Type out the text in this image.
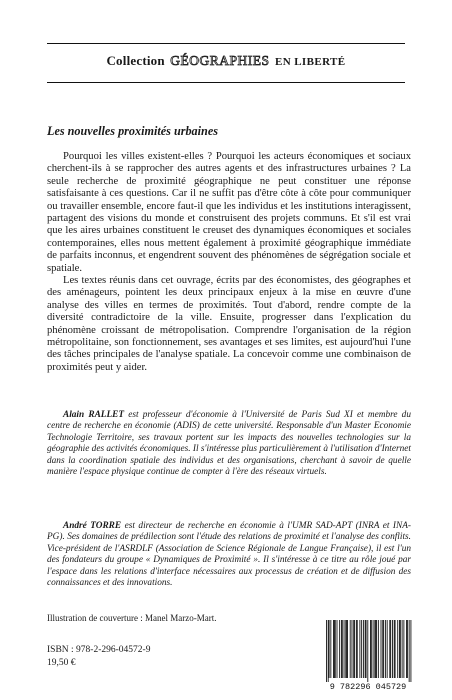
Collection GÉOGRAPHIES EN LIBERTÉ
Les nouvelles proximités urbaines

Pourquoi les villes existent-elles ? Pourquoi les acteurs économiques et sociaux cherchent-ils à se rapprocher des autres agents et des infrastructures urbaines ? La seule recherche de proximité géographique ne peut constituer une réponse satisfaisante à ces questions. Car il ne suffit pas d'être côte à côte pour communiquer ou travailler ensemble, encore faut-il que les individus et les institutions interagissent, partagent des visions du monde et construisent des projets communs. Et s'il est vrai que les aires urbaines constituent le creuset des dynamiques économiques et sociales contemporaines, elles nous mettent également à proximité géographique immédiate de parfaits inconnus, et engendrent souvent des phénomènes de ségrégation sociale et spatiale.

Les textes réunis dans cet ouvrage, écrits par des économistes, des géographes et des aménageurs, pointent les deux principaux enjeux à la mise en œuvre d'une analyse des villes en termes de proximités. Tout d'abord, rendre compte de la diversité contradictoire de la ville. Ensuite, progresser dans l'explication du phénomène croissant de métropolisation. Comprendre l'organisation de la région métropolitaine, son fonctionnement, ses avantages et ses limites, est aujourd'hui l'une des tâches principales de l'analyse spatiale. La concevoir comme une combinaison de proximités peut y aider.

Alain RALLET est professeur d'économie à l'Université de Paris Sud XI et membre du centre de recherche en économie (ADIS) de cette université. Responsable d'un Master Economie Technologie Territoire, ses travaux portent sur les impacts des nouvelles technologies sur la géographie des activités économiques. Il s'intéresse plus particulièrement à l'utilisation d'Internet dans la coordination spatiale des individus et des organisations, cherchant à savoir de quelle manière l'espace physique continue de compter à l'ère des réseaux virtuels.

André TORRE est directeur de recherche en économie à l'UMR SAD-APT (INRA et INA-PG). Ses domaines de prédilection sont l'étude des relations de proximité et l'analyse des conflits. Vice-président de l'ASRDLF (Association de Science Régionale de Langue Française), il est l'un des fondateurs du groupe « Dynamiques de Proximité ». Il s'intéresse à ce titre au rôle joué par l'espace dans les relations d'interface nécessaires aux processus de création et de diffusion des connaissances et des innovations.

Illustration de couverture : Manel Marzo-Mart.
ISBN : 978-2-296-04572-9
19,50 €
9 782296 045729
